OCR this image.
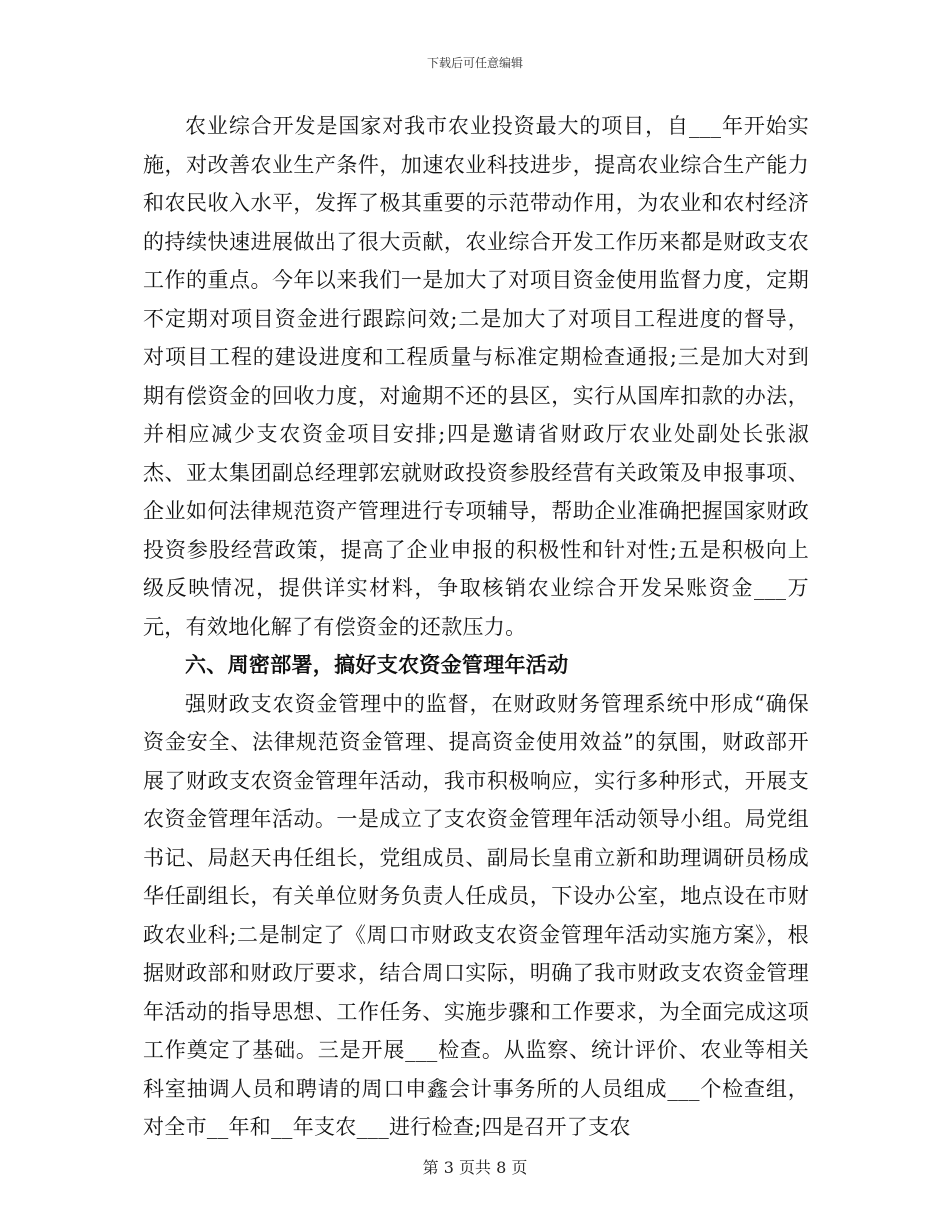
下载后可任意编辑

农业综合开发是国家对我市农业投资最大的项目，自___年开始实施，对改善农业生产条件，加速农业科技进步，提高农业综合生产能力和农民收入水平，发挥了极其重要的示范带动作用，为农业和农村经济的持续快速进展做出了很大贡献，农业综合开发工作历来都是财政支农工作的重点。今年以来我们一是加大了对项目资金使用监督力度，定期不定期对项目资金进行跟踪问效;二是加大了对项目工程进度的督导，对项目工程的建设进度和工程质量与标准定期检查通报;三是加大对到期有偿资金的回收力度，对逾期不还的县区，实行从国库扣款的办法，并相应减少支农资金项目安排;四是邀请省财政厅农业处副处长张淑杰、亚太集团副总经理郭宏就财政投资参股经营有关政策及申报事项、企业如何法律规范资产管理进行专项辅导，帮助企业准确把握国家财政投资参股经营政策，提高了企业申报的积极性和针对性;五是积极向上级反映情况，提供详实材料，争取核销农业综合开发呆账资金___万元，有效地化解了有偿资金的还款压力。

六、周密部署，搞好支农资金管理年活动

强财政支农资金管理中的监督，在财政财务管理系统中形成“确保资金安全、法律规范资金管理、提高资金使用效益”的氛围，财政部开展了财政支农资金管理年活动，我市积极响应，实行多种形式，开展支农资金管理年活动。一是成立了支农资金管理年活动领导小组。局党组书记、局赵天冉任组长，党组成员、副局长皇甫立新和助理调研员杨成华任副组长，有关单位财务负责人任成员，下设办公室，地点设在市财政农业科;二是制定了《周口市财政支农资金管理年活动实施方案》，根据财政部和财政厅要求，结合周口实际，明确了我市财政支农资金管理年活动的指导思想、工作任务、实施步骤和工作要求，为全面完成这项工作奠定了基础。三是开展___检查。从监察、统计评价、农业等相关科室抽调人员和聘请的周口申鑫会计事务所的人员组成___个检查组，对全市__年和__年支农___进行检查;四是召开了支农

第 3 页共 8 页
